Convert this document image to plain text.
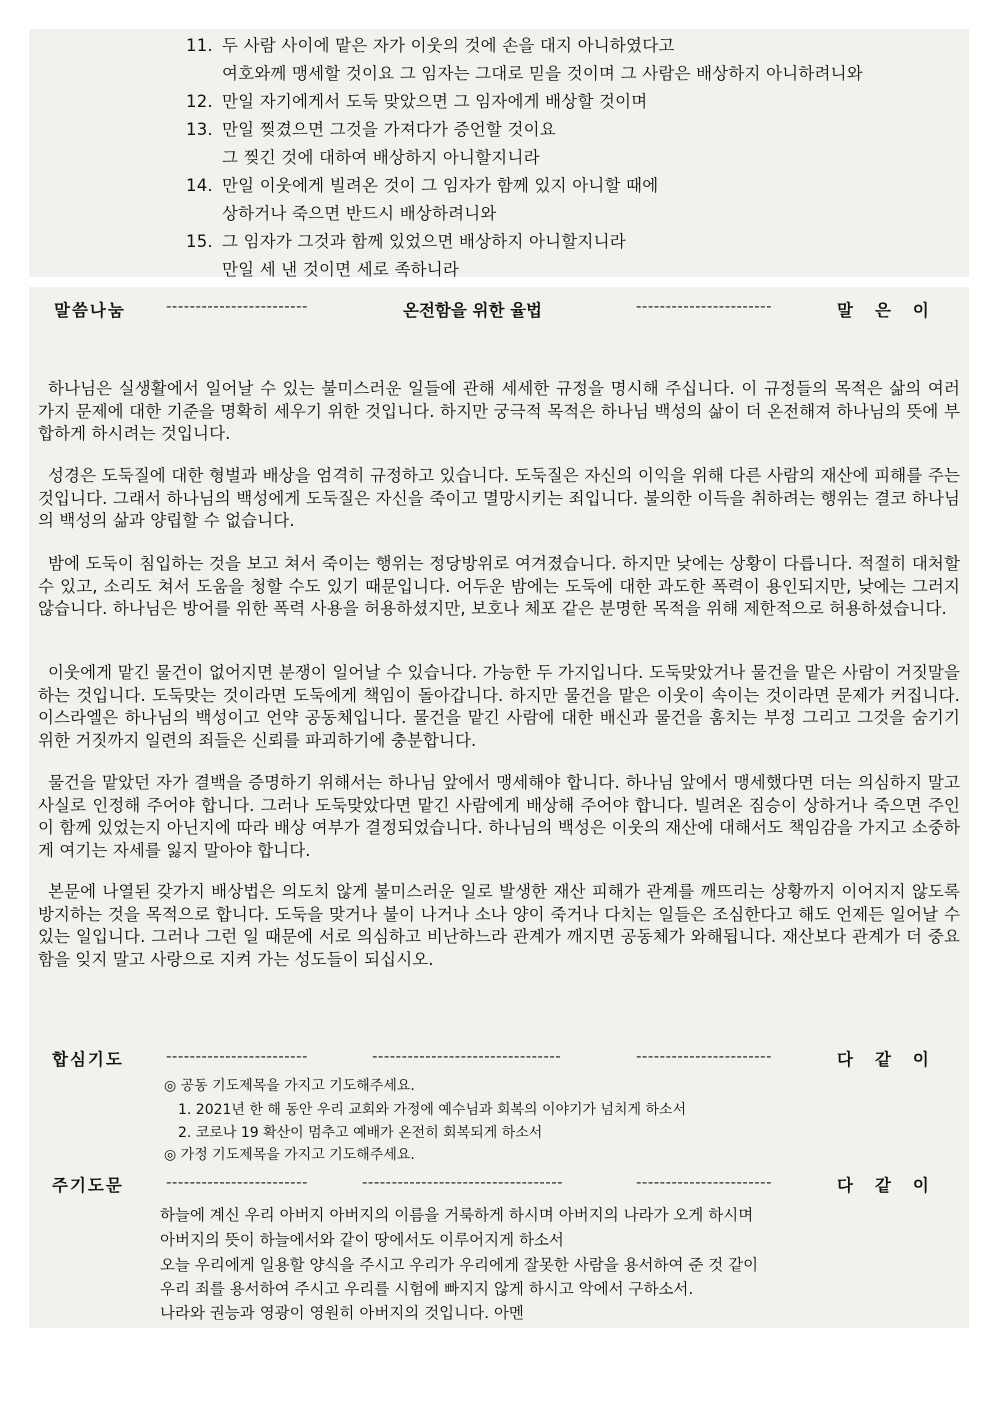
11. 두 사람 사이에 맡은 자가 이웃의 것에 손을 대지 아니하였다고
여호와께 맹세할 것이요 그 임자는 그대로 믿을 것이며 그 사람은 배상하지 아니하려니와
12. 만일 자기에게서 도둑 맞았으면 그 임자에게 배상할 것이며
13. 만일 찢겼으면 그것을 가져다가 증언할 것이요
그 찢긴 것에 대하여 배상하지 아니할지니라
14. 만일 이웃에게 빌려온 것이 그 임자가 함께 있지 아니할 때에
상하거나 죽으면 반드시 배상하려니와
15. 그 임자가 그것과 함께 있었으면 배상하지 아니할지니라
만일 세 낸 것이면 세로 족하니라
말씀나눔	------------------------	온전함을 위한 율법	-----------------------	말은이

하나님은 실생활에서 일어날 수 있는 불미스러운 일들에 관해 세세한 규정을 명시해 주십니다. 이 규정들의 목적은 삶의 여러 가지 문제에 대한 기준을 명확히 세우기 위한 것입니다. 하지만 궁극적 목적은 하나님 백성의 삶이 더 온전해져 하나님의 뜻에 부합하게 하시려는 것입니다.

성경은 도둑질에 대한 형벌과 배상을 엄격히 규정하고 있습니다. 도둑질은 자신의 이익을 위해 다른 사람의 재산에 피해를 주는 것입니다. 그래서 하나님의 백성에게 도둑질은 자신을 죽이고 멸망시키는 죄입니다. 불의한 이득을 취하려는 행위는 결코 하나님의 백성의 삶과 양립할 수 없습니다.

밤에 도둑이 침입하는 것을 보고 쳐서 죽이는 행위는 정당방위로 여겨졌습니다. 하지만 낮에는 상황이 다릅니다. 적절히 대처할 수 있고, 소리도 쳐서 도움을 청할 수도 있기 때문입니다. 어두운 밤에는 도둑에 대한 과도한 폭력이 용인되지만, 낮에는 그러지 않습니다. 하나님은 방어를 위한 폭력 사용을 허용하셨지만, 보호나 체포 같은 분명한 목적을 위해 제한적으로 허용하셨습니다.

이웃에게 맡긴 물건이 없어지면 분쟁이 일어날 수 있습니다. 가능한 두 가지입니다. 도둑맞았거나 물건을 맡은 사람이 거짓말을 하는 것입니다. 도둑맞는 것이라면 도둑에게 책임이 돌아갑니다. 하지만 물건을 맡은 이웃이 속이는 것이라면 문제가 커집니다. 이스라엘은 하나님의 백성이고 언약 공동체입니다. 물건을 맡긴 사람에 대한 배신과 물건을 훔치는 부정 그리고 그것을 숨기기 위한 거짓까지 일련의 죄들은 신뢰를 파괴하기에 충분합니다.

물건을 맡았던 자가 결백을 증명하기 위해서는 하나님 앞에서 맹세해야 합니다. 하나님 앞에서 맹세했다면 더는 의심하지 말고 사실로 인정해 주어야 합니다. 그러나 도둑맞았다면 맡긴 사람에게 배상해 주어야 합니다. 빌려온 짐승이 상하거나 죽으면 주인이 함께 있었는지 아닌지에 따라 배상 여부가 결정되었습니다. 하나님의 백성은 이웃의 재산에 대해서도 책임감을 가지고 소중하게 여기는 자세를 잃지 말아야 합니다.

본문에 나열된 갖가지 배상법은 의도치 않게 불미스러운 일로 발생한 재산 피해가 관계를 깨뜨리는 상황까지 이어지지 않도록 방지하는 것을 목적으로 합니다. 도둑을 맞거나 불이 나거나 소나 양이 죽거나 다치는 일들은 조심한다고 해도 언제든 일어날 수 있는 일입니다. 그러나 그런 일 때문에 서로 의심하고 비난하느라 관계가 깨지면 공동체가 와해됩니다. 재산보다 관계가 더 중요함을 잊지 말고 사랑으로 지켜 가는 성도들이 되십시오.

합심기도	------------------------	--------------------------------	-----------------------	다같이
◎ 공동 기도제목을 가지고 기도해주세요.
1. 2021년 한 해 동안 우리 교회와 가정에 예수님과 회복의 이야기가 넘치게 하소서
2. 코로나 19 확산이 멈추고 예배가 온전히 회복되게 하소서
◎ 가정 기도제목을 가지고 기도해주세요.
주기도문	------------------------	----------------------------------	-----------------------	다같이
하늘에 계신 우리 아버지 아버지의 이름을 거룩하게 하시며 아버지의 나라가 오게 하시며
아버지의 뜻이 하늘에서와 같이 땅에서도 이루어지게 하소서
오늘 우리에게 일용할 양식을 주시고 우리가 우리에게 잘못한 사람을 용서하여 준 것 같이
우리 죄를 용서하여 주시고 우리를 시험에 빠지지 않게 하시고 악에서 구하소서.
나라와 권능과 영광이 영원히 아버지의 것입니다. 아멘
